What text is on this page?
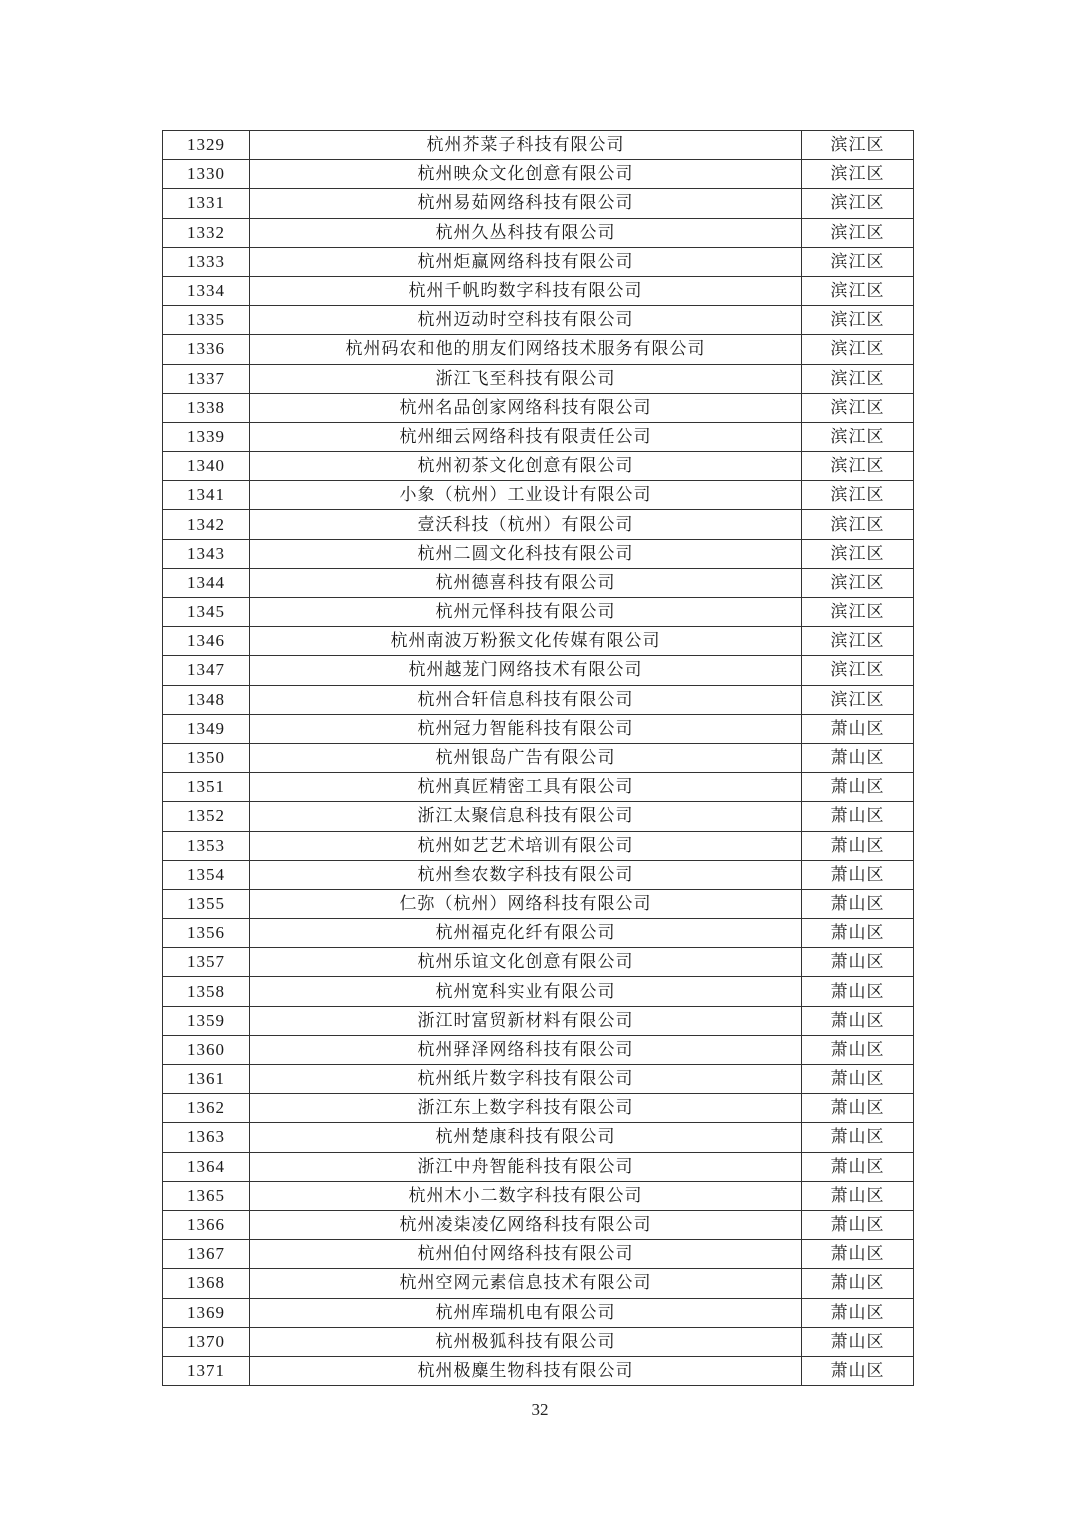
1329	杭州芥菜子科技有限公司	滨江区
1330	杭州映众文化创意有限公司	滨江区
1331	杭州易茹网络科技有限公司	滨江区
1332	杭州久丛科技有限公司	滨江区
1333	杭州炬赢网络科技有限公司	滨江区
1334	杭州千帆昀数字科技有限公司	滨江区
1335	杭州迈动时空科技有限公司	滨江区
1336	杭州码农和他的朋友们网络技术服务有限公司	滨江区
1337	浙江飞至科技有限公司	滨江区
1338	杭州名品创家网络科技有限公司	滨江区
1339	杭州细云网络科技有限责任公司	滨江区
1340	杭州初茶文化创意有限公司	滨江区
1341	小象（杭州）工业设计有限公司	滨江区
1342	壹沃科技（杭州）有限公司	滨江区
1343	杭州二圆文化科技有限公司	滨江区
1344	杭州德喜科技有限公司	滨江区
1345	杭州元怿科技有限公司	滨江区
1346	杭州南波万粉猴文化传媒有限公司	滨江区
1347	杭州越茏门网络技术有限公司	滨江区
1348	杭州合轩信息科技有限公司	滨江区
1349	杭州冠力智能科技有限公司	萧山区
1350	杭州银岛广告有限公司	萧山区
1351	杭州真匠精密工具有限公司	萧山区
1352	浙江太聚信息科技有限公司	萧山区
1353	杭州如艺艺术培训有限公司	萧山区
1354	杭州叁农数字科技有限公司	萧山区
1355	仁弥（杭州）网络科技有限公司	萧山区
1356	杭州福克化纤有限公司	萧山区
1357	杭州乐谊文化创意有限公司	萧山区
1358	杭州宽科实业有限公司	萧山区
1359	浙江时富贸新材料有限公司	萧山区
1360	杭州驿泽网络科技有限公司	萧山区
1361	杭州纸片数字科技有限公司	萧山区
1362	浙江东上数字科技有限公司	萧山区
1363	杭州楚康科技有限公司	萧山区
1364	浙江中舟智能科技有限公司	萧山区
1365	杭州木小二数字科技有限公司	萧山区
1366	杭州凌柒凌亿网络科技有限公司	萧山区
1367	杭州伯付网络科技有限公司	萧山区
1368	杭州空网元素信息技术有限公司	萧山区
1369	杭州库瑞机电有限公司	萧山区
1370	杭州极狐科技有限公司	萧山区
1371	杭州极麋生物科技有限公司	萧山区
32
